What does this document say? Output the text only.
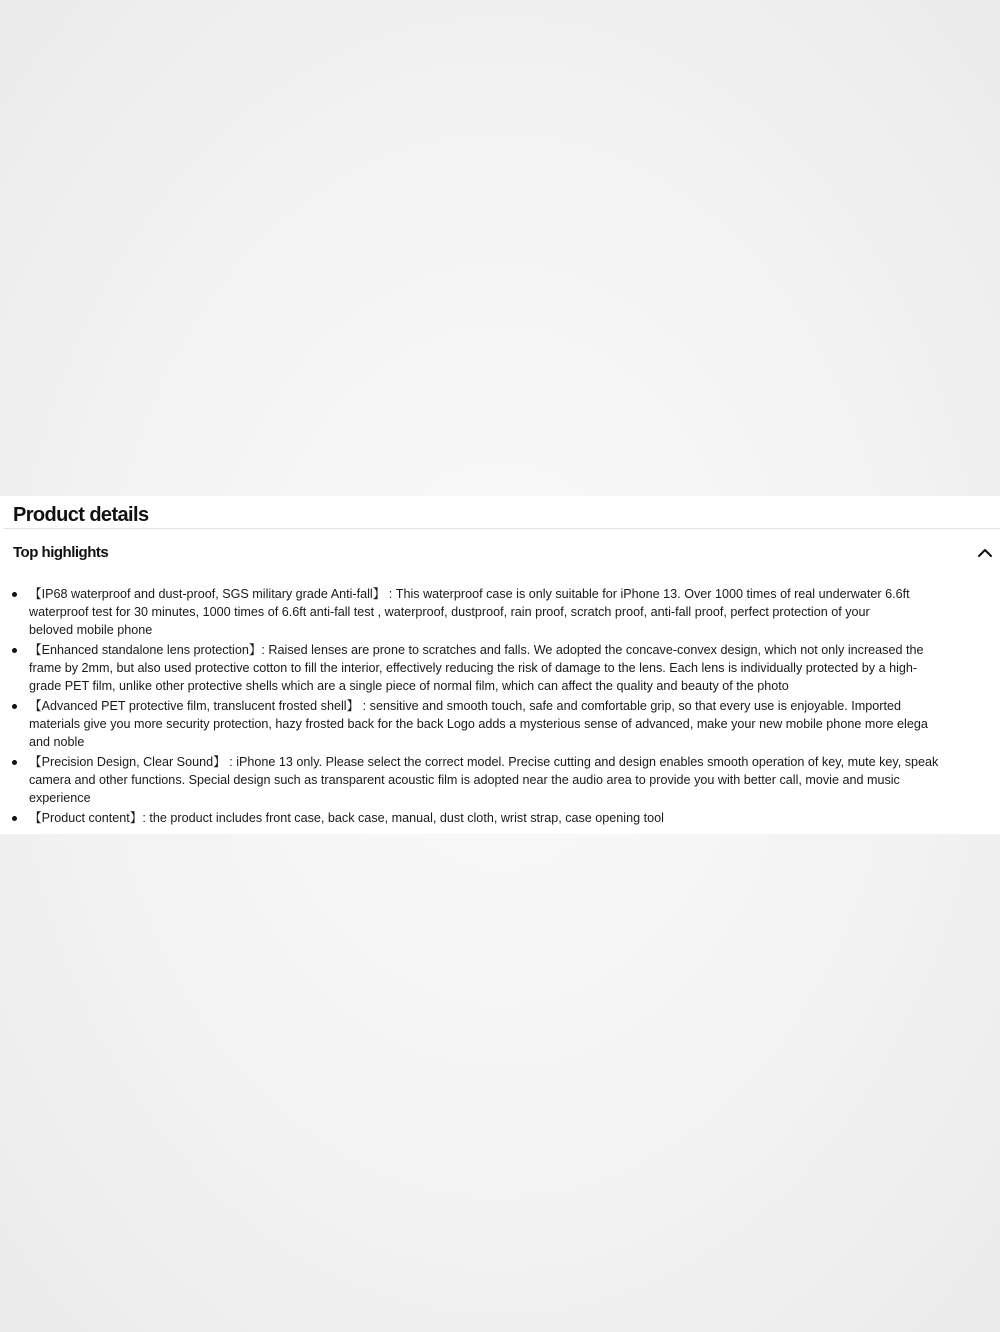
Product details
Top highlights
【IP68 waterproof and dust-proof, SGS military grade Anti-fall】 : This waterproof case is only suitable for iPhone 13. Over 1000 times of real underwater 6.6ft
waterproof test for 30 minutes, 1000 times of 6.6ft anti-fall test , waterproof, dustproof, rain proof, scratch proof, anti-fall proof, perfect protection of your
beloved mobile phone
【Enhanced standalone lens protection】: Raised lenses are prone to scratches and falls. We adopted the concave-convex design, which not only increased the
frame by 2mm, but also used protective cotton to fill the interior, effectively reducing the risk of damage to the lens. Each lens is individually protected by a high-
grade PET film, unlike other protective shells which are a single piece of normal film, which can affect the quality and beauty of the photo
【Advanced PET protective film, translucent frosted shell】 : sensitive and smooth touch, safe and comfortable grip, so that every use is enjoyable. Imported
materials give you more security protection, hazy frosted back for the back Logo adds a mysterious sense of advanced, make your new mobile phone more elega
and noble
【Precision Design, Clear Sound】 : iPhone 13 only. Please select the correct model. Precise cutting and design enables smooth operation of key, mute key, speak
camera and other functions. Special design such as transparent acoustic film is adopted near the audio area to provide you with better call, movie and music
experience
【Product content】: the product includes front case, back case, manual, dust cloth, wrist strap, case opening tool
